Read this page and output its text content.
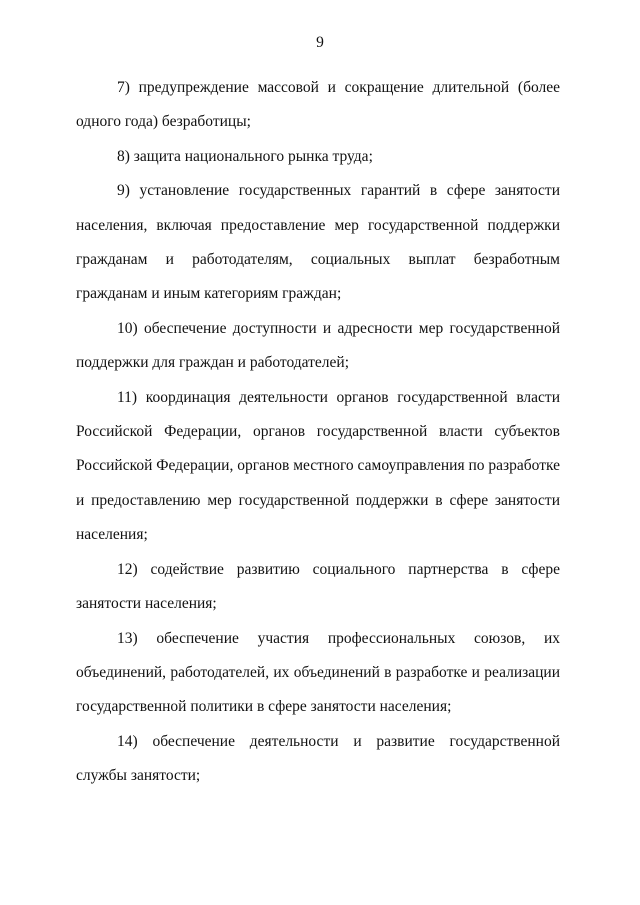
9

7) предупреждение массовой и сокращение длительной (более одного года) безработицы;

8) защита национального рынка труда;

9) установление государственных гарантий в сфере занятости населения, включая предоставление мер государственной поддержки гражданам и работодателям, социальных выплат безработным гражданам и иным категориям граждан;

10) обеспечение доступности и адресности мер государственной поддержки для граждан и работодателей;

11) координация деятельности органов государственной власти Российской Федерации, органов государственной власти субъектов Российской Федерации, органов местного самоуправления по разработке и предоставлению мер государственной поддержки в сфере занятости населения;

12) содействие развитию социального партнерства в сфере занятости населения;

13) обеспечение участия профессиональных союзов, их объединений, работодателей, их объединений в разработке и реализации государственной политики в сфере занятости населения;

14) обеспечение деятельности и развитие государственной службы занятости;
